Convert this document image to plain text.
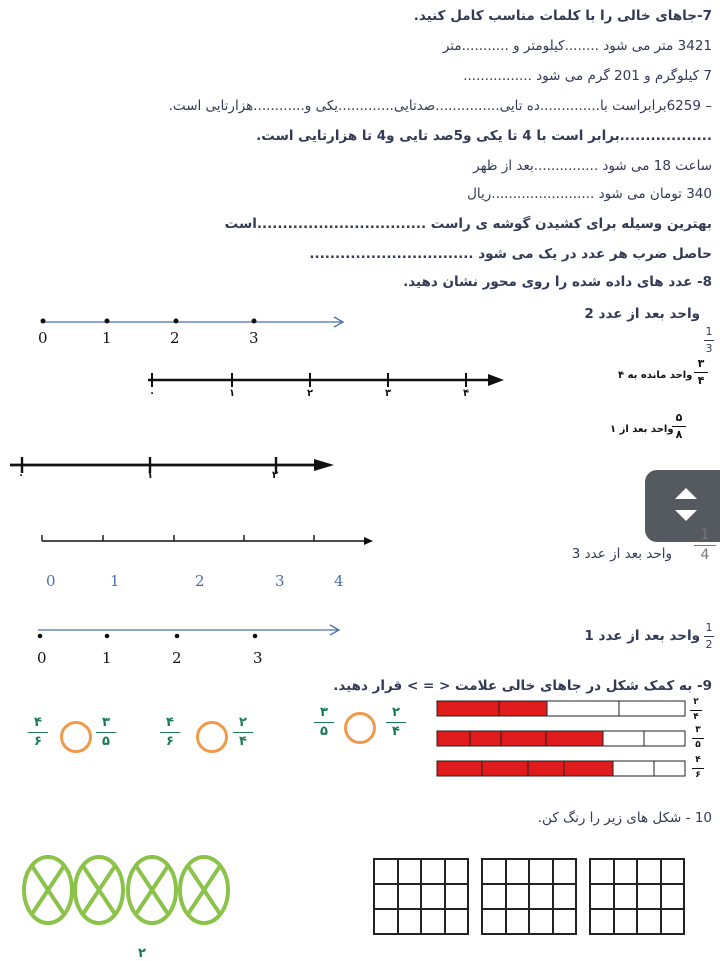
7-جاهای خالی را با کلمات مناسب کامل کنید.
3421 متر می شود ........کیلومتر و ...........متر
7 کیلوگرم و 201 گرم می شود ................
– 6259برابراست با..............ده تایی...............صدتایی.............یکی و............هزارتایی است.
..................برابر است با 4 تا یکی و5صد تایی و4 تا هزارتایی است.
ساعت 18 می شود ...............بعد از ظهر
340 تومان می شود ........................ریال
بهترین وسیله برای کشیدن گوشه ی راست .................................است
حاصل ضرب هر عدد در یک می شود ................................
8- عدد های داده شده را روی محور نشان دهید.
0	1	2	3
واحد بعد از عدد 2
1
3
۰	۱	۲	۳	۴
واحد مانده به ۴
۳
۴
واحد بعد از ۱
۵
۸
۰	۱	۲
0	1	2	3	4
واحد بعد از عدد 3
1
4
0	1	2	3
واحد بعد از عدد 1
1
2
9- به کمک شکل در جاهای خالی علامت < = > قرار دهید.
۴
۶
۳
۵
۴
۶
۲
۴
۳
۵
۲
۴
۲
۴
۳
۵
۴
۶
10 - شکل های زیر را رنگ کن.
۲
